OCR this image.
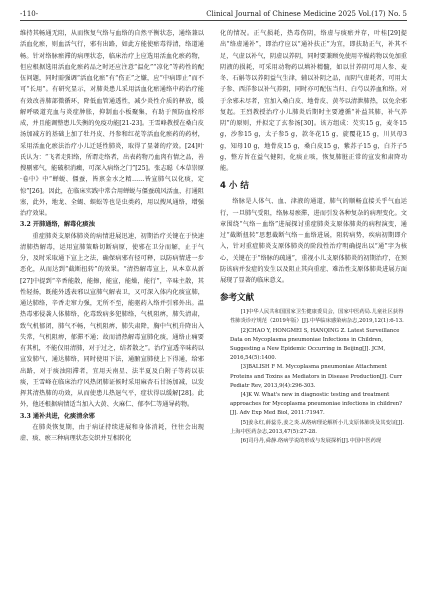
-110-	Clinical Journal of Chinese Medicine 2025 Vol.(17) No. 5

维持其畅通无阻，从而恢复气络与血络的自然平衡状态，通络兼以活血化瘀，则血活气行，邪有出路，如此方能使瘀毒得清，络道通畅。针对络脉瘀滞的病理状态，临床治疗上应选用活血化瘀药物，但应根据选用活血化瘀药品之时还应注意“温化”“凉化”等药性的配伍问题，同时需强调“活血化瘀”有“伤正”之嫌，应“中病即止”而不可“长用”。有研究显示，对肺炎患儿采用活血化瘀通络中药治疗能有效改善肺部微循环，降低血管通透性，减少炎性介质的释放，缓解呼吸道充血与炎症肿胀，抑制血小板聚集，有助于预防血栓形成，并且能调整患儿失衡的免疫功能[21-23]。王雪峰教授在桑白皮汤加减方的基础上加了牡丹皮、丹参和红花等活血化瘀药的药材，采用活血化瘀法治疗小儿迁延性肺炎，取得了显著的疗效。[24]叶氏认为：“飞者走阳络，所谓走络者，出表药物乃血肉有情之品，善搜剔邪气，能破积消癥，可深入病络之门”[25]。张志聪《本草崇原·卷中》中“蝉蜕、僵蚕，皆禀金水之精……皆宣肺气以化痰，定惊”[26]。因此，在临床实践中常合用蝉蜕与僵蚕疏风活血，打通阻塞，此外，地龙、全蝎、蜈蚣等也是虫类药，用以搜风通络，增强治疗效果。

3.2 开肺通络，解毒化痰浊

重症肺炎支原体肺炎的病情进展迅速，初期治疗关键在于快速清肺热解毒，运用宣肺策略切断病原，使邪在卫分而解，止于气分，及时采取通下宣上之法，确保病邪有径可释，以防病情进一步恶化，从而达到“截断扭转”的效果。“清热解毒宣上，从本草从新[27]中提到“辛香能散，能擦，能宣，能燥，能行”，辛味主散，其性轻扬，既能外透表邪以宣肺气解表卫，又可深入体内化痰宣肺，通达肺络，辛香走窜力强，无所不至，能驱药入络并引邪外出。温热毒邪侵袭人体肺络，化毒致病多犯肺络，气机阻痹，肺失清肃，致气机郁闭，肺气不畅，气机阻痹，肺失肃降，胸中气机升降出入失常，气机阻痹，郁滞不通；故而清热解毒宣肺化痰，通络止痛要有其机，不能仅用清肺，对于过之，结者散之”。治疗宣透辛味药以宣发肺气，通达肺络，同时使用下法，通腑宣肺使上下得通，给邪出路，对于痰浊阻滞者，宜用天南星、法半夏及白附子等药以祛痰，王雪峰在临床治疗风热闭肺证候时采用麻杏石甘汤加减，以发挥其清热肺的功效，从而使患儿热退气平，症状得以缓解[28]。此外，他还根据病情适当加入大黄、火麻仁、郁李仁等通导药物。

3.3 通补共进，化痰清余邪

在肺炎恢复期，由于病证持续进展和身体消耗，往往会出现虚、痰、瘀三种病理状态交织并互相转化

化的情况。正气损耗，热毒伤阴，络虚与痰瘀并存，叶桂[29]提出“络虚通补”，即治疗应以“通补扶正”为宜，即扶助正气，补其不足，气虚以补气，阴虚以养阴，同时要兼顾免使用辛燥药物以免加重阴液的损耗，可采用动物药以填补精髓，如以甘养阴可用人参、麦冬、石斛等以养阴益气生津，辅以补阴之品，而阴气虚耗者，可用太子参、西洋参以补气养阴，同时亦可配伍当归、白芍以养血和络。对于余邪未尽者，宜加入桑白皮、地骨皮、黄芩以清泄肺热，以免余邪复起。王烈教授治疗小儿肺炎后期时主要遵循“补益其肺，补气养阴”的原则，并拟定了玄参汤[30]。该方组成：芡实15 g，麦冬15 g，沙参15 g，太子参5 g，款冬花15 g，旋覆花15 g，川贝母3 g，知母10 g，地骨皮15 g，桑白皮15 g，紫苏子15 g，白芥子5 g，整方旨在益气健阴，化痰止咳，恢复肺脏正常的宣发和肃降功能。

4 小 结

络脉是人体气、血、津液的通道，肺气的顺畅直接关乎气血运行，一旦肺气受阻，络脉易瘀滞，进而引发各种复杂的病理变化。文章围绕“气络－血络”进展探讨重症肺炎支原体肺炎的病程演变，通过“截断扭转”思想截断气络－血络进展，阻转病势，疾病初期即介入，针对重症肺炎支原体肺炎的阶段性治疗明确提出以“通”字为核心，关键在于“络脉的疏通”，重视小儿支原体肺炎的初期治疗，在预防该病并发症的发生以及阻止其向重症、难治性支原体肺炎进展方面展现了显著的临床意义。

参考文献

[1]中华人民共和国国家卫生健康委员会，国家中医药局.儿童社区获得性肺炎诊疗规范（2019年版）[J].中华临床感染病杂志,2019,12(1):6-13.

[2]CHAO Y, HONGMEI S, HANQING Z. Latest Surveillance Data on Mycoplasma pneumoniae Infections in Children, Suggesting a New Epidemic Occurring in Beijing[J]. JCM, 2016,54(5):1400.

[3]BALISH F M. Mycoplasma pneumoniae Attachment Proteins and Toxins as Mediators in Disease Production[J]. Curr Pediatr Rev, 2013,9(4):296-303.

[4]K W. What's new in diagnostic testing and treatment approaches for Mycoplasma pneumoniae infections in children?[J]. Adv Exp Med Biol, 2011:71947.

[5]姜永红,薛蕊芬,姜之炎.从络病理论解析小儿支原体肺炎及其变证[J].上海中医药杂志,2013,47(5):27-28.

[6]司丹丹,舜静.络病学说的形成与发展探析[J].中国中医药现
